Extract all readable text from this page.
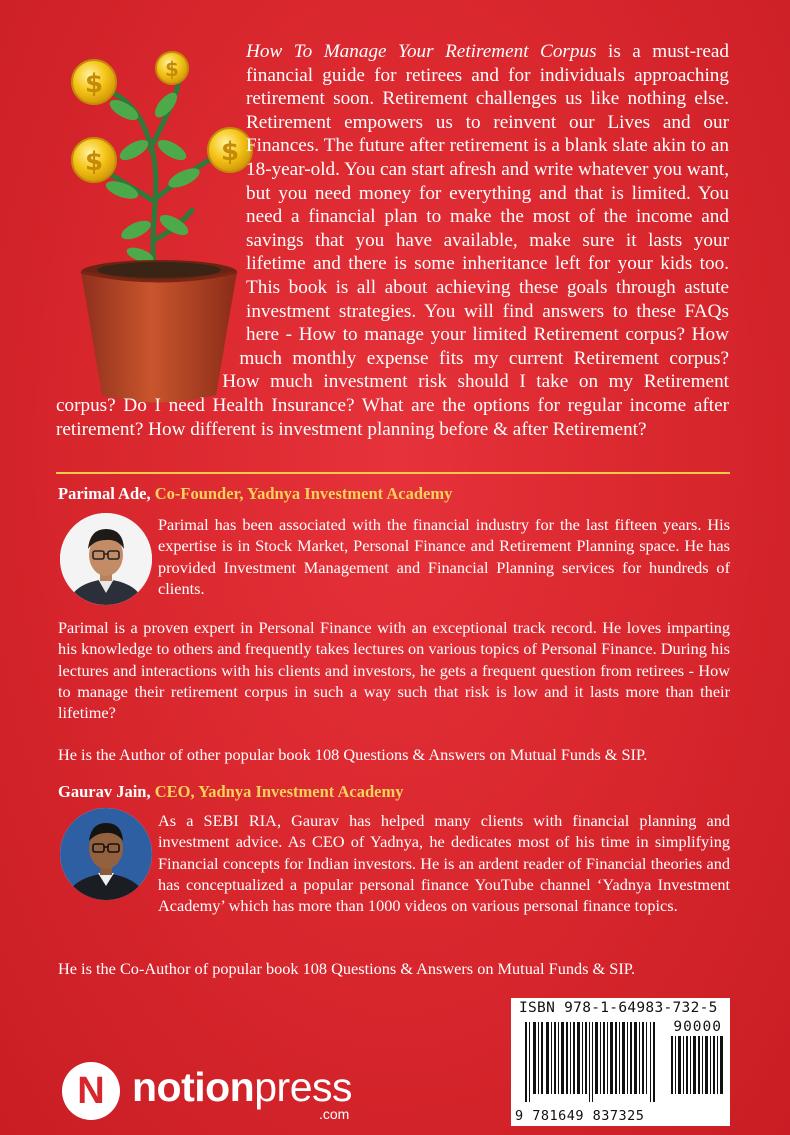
$	$
$	$
How To Manage Your Retirement Corpus is a must-read financial guide for retirees and for individuals approaching retirement soon. Retirement challenges us like nothing else. Retirement empowers us to reinvent our Lives and our Finances. The future after retirement is a blank slate akin to an 18-year-old. You can start afresh and write whatever you want, but you need money for everything and that is limited. You need a financial plan to make the most of the income and savings that you have available, make sure it lasts your lifetime and there is some inheritance left for your kids too. This book is all about achieving these goals through astute investment strategies. You will find answers to these FAQs here - How to manage your limited Retirement corpus? How much monthly expense fits my current Retirement corpus? How much investment risk should I take on my Retirement corpus? Do I need Health Insurance? What are the options for regular income after retirement? How different is investment planning before & after Retirement?
Parimal Ade, Co-Founder, Yadnya Investment Academy
Parimal has been associated with the financial industry for the last fifteen years. His expertise is in Stock Market, Personal Finance and Retirement Planning space. He has provided Investment Management and Financial Planning services for hundreds of clients.
Parimal is a proven expert in Personal Finance with an exceptional track record. He loves imparting his knowledge to others and frequently takes lectures on various topics of Personal Finance. During his lectures and interactions with his clients and investors, he gets a frequent question from retirees - How to manage their retirement corpus in such a way such that risk is low and it lasts more than their lifetime?
He is the Author of other popular book 108 Questions & Answers on Mutual Funds & SIP.
Gaurav Jain, CEO, Yadnya Investment Academy
As a SEBI RIA, Gaurav has helped many clients with financial planning and investment advice. As CEO of Yadnya, he dedicates most of his time in simplifying Financial concepts for Indian investors. He is an ardent reader of Financial theories and has conceptualized a popular personal finance YouTube channel ‘Yadnya Investment Academy’ which has more than 1000 videos on various personal finance topics.
He is the Co-Author of popular book 108 Questions & Answers on Mutual Funds & SIP.
ISBN 978-1-64983-732-5
90000
9 781649 837325
N notionpress
.com
